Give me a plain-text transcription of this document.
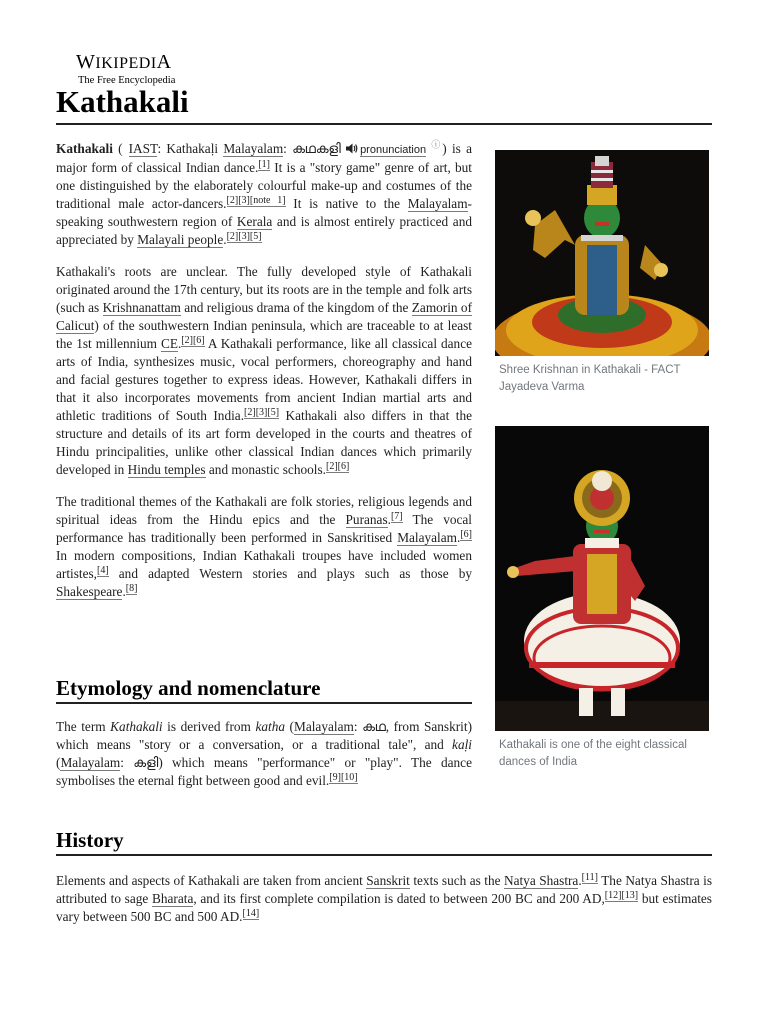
WIKIPEDIA
The Free Encyclopedia
Kathakali

Kathakali ( IAST: Kathakaḷi Malayalam: കഥകളി pronunciation ⓘ) is a major form of classical Indian dance.[1] It is a "story game" genre of art, but one distinguished by the elaborately colourful make-up and costumes of the traditional male actor-dancers.[2][3][note 1] It is native to the Malayalam-speaking southwestern region of Kerala and is almost entirely practiced and appreciated by Malayali people.[2][3][5]

Kathakali's roots are unclear. The fully developed style of Kathakali originated around the 17th century, but its roots are in the temple and folk arts (such as Krishnanattam and religious drama of the kingdom of the Zamorin of Calicut) of the southwestern Indian peninsula, which are traceable to at least the 1st millennium CE.[2][6] A Kathakali performance, like all classical dance arts of India, synthesizes music, vocal performers, choreography and hand and facial gestures together to express ideas. However, Kathakali differs in that it also incorporates movements from ancient Indian martial arts and athletic traditions of South India.[2][3][5] Kathakali also differs in that the structure and details of its art form developed in the courts and theatres of Hindu principalities, unlike other classical Indian dances which primarily developed in Hindu temples and monastic schools.[2][6]

The traditional themes of the Kathakali are folk stories, religious legends and spiritual ideas from the Hindu epics and the Puranas.[7] The vocal performance has traditionally been performed in Sanskritised Malayalam.[6] In modern compositions, Indian Kathakali troupes have included women artistes,[4] and adapted Western stories and plays such as those by Shakespeare.[8]

Etymology and nomenclature
The term Kathakali is derived from katha (Malayalam: കഥ, from Sanskrit) which means "story or a conversation, or a traditional tale", and kaḷi (Malayalam: കളി) which means "performance" or "play". The dance symbolises the eternal fight between good and evil.[9][10]
History
Elements and aspects of Kathakali are taken from ancient Sanskrit texts such as the Natya Shastra.[11] The Natya Shastra is attributed to sage Bharata, and its first complete compilation is dated to between 200 BC and 200 AD,[12][13] but estimates vary between 500 BC and 500 AD.[14]
Shree Krishnan in Kathakali - FACT Jayadeva Varma
Kathakali is one of the eight classical dances of India
